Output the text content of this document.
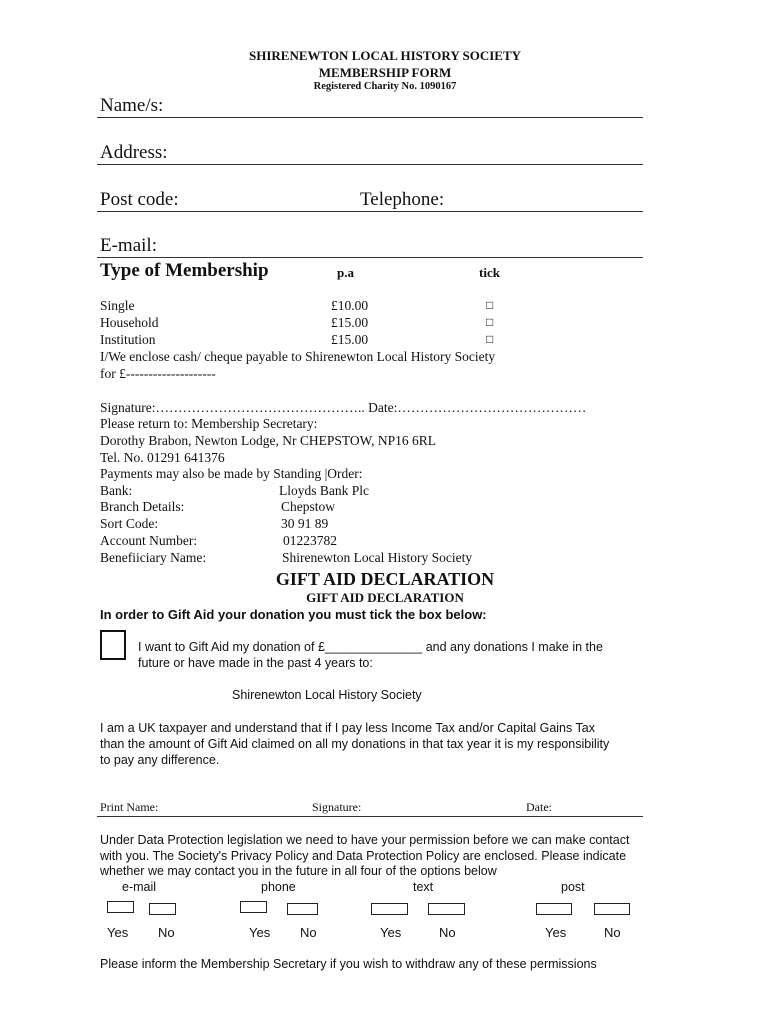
SHIRENEWTON LOCAL HISTORY SOCIETY
MEMBERSHIP FORM
Registered Charity No. 1090167
Name/s:
Address:
Post code:	Telephone:
E-mail:
Type of Membership	p.a	tick
Single	£10.00	□
Household	£15.00	□
Institution	£15.00	□
I/We enclose cash/ cheque payable to Shirenewton Local History Society
for £--------------------
Signature:……………………………………….. Date:……………………………………
Please return to: Membership Secretary:
Dorothy Brabon, Newton Lodge, Nr CHEPSTOW, NP16 6RL
Tel. No. 01291 641376
Payments may also be made by Standing |Order:
Bank:	Lloyds Bank Plc
Branch Details:	Chepstow
Sort Code:	30 91 89
Account Number:	01223782
Benefiiciary Name:	Shirenewton Local History Society
GIFT AID DECLARATION
GIFT AID DECLARATION
In order to Gift Aid your donation you must tick the box below:
I want to Gift Aid my donation of £______________ and any donations I make in the
future or have made in the past 4 years to:
Shirenewton Local History Society
I am a UK taxpayer and understand that if I pay less Income Tax and/or Capital Gains Tax
than the amount of Gift Aid claimed on all my donations in that tax year it is my responsibility
to pay any difference.
Print Name:	Signature:	Date:
Under Data Protection legislation we need to have your permission before we can make contact
with you. The Society's Privacy Policy and Data Protection Policy are enclosed. Please indicate
whether we may contact you in the future in all four of the options below
e-mail	phone	text	post
Yes No	Yes No	Yes	No	Yes	No
Please inform the Membership Secretary if you wish to withdraw any of these permissions
